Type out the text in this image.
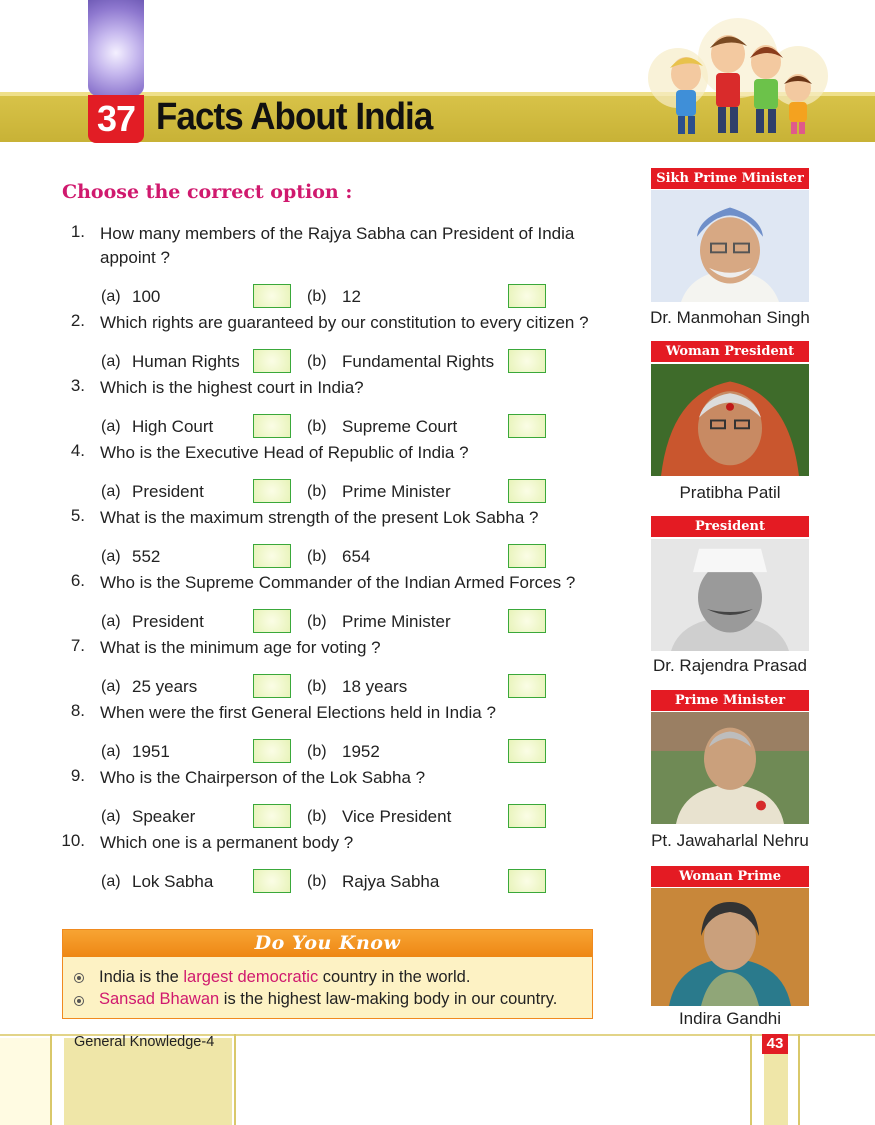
37 Facts About India
Choose the correct option :
1. How many members of the Rajya Sabha can President of India
appoint ?
(a) 100	(b) 12
2. Which rights are guaranteed by our constitution to every citizen ?
(a) Human Rights	(b) Fundamental Rights
3. Which is the highest court in India?
(a) High Court	(b) Supreme Court
4. Who is the Executive Head of Republic of India ?
(a) President	(b) Prime Minister
5. What is the maximum strength of the present Lok Sabha ?
(a) 552	(b) 654
6. Who is the Supreme Commander of the Indian Armed Forces ?
(a) President	(b) Prime Minister
7. What is the minimum age for voting ?
(a) 25 years	(b) 18 years
8. When were the first General Elections held in India ?
(a) 1951	(b) 1952
9. Who is the Chairperson of the Lok Sabha ?
(a) Speaker	(b) Vice President
10. Which one is a permanent body ?
(a) Lok Sabha	(b) Rajya Sabha
Sikh Prime Minister
Dr. Manmohan Singh
Woman President
Pratibha Patil
President
Dr. Rajendra Prasad
Prime Minister
Pt. Jawaharlal Nehru
Woman Prime
Indira Gandhi
Do You Know
India is the largest democratic country in the world.
Sansad Bhawan is the highest law-making body in our country.
General Knowledge-4	43
